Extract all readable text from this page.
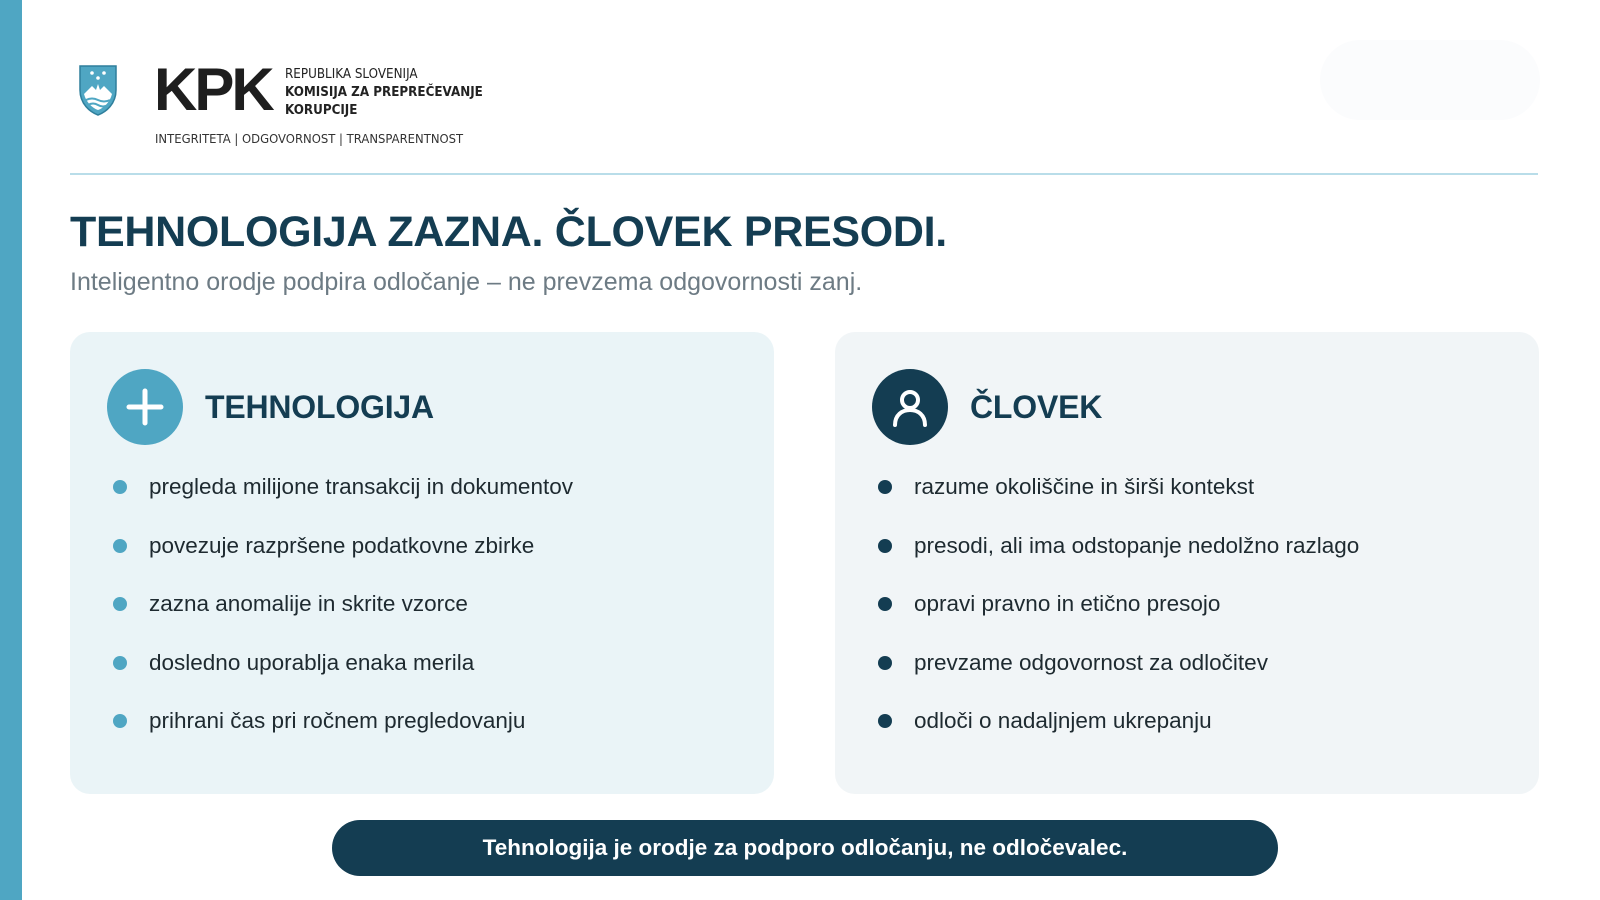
KPK REPUBLIKA SLOVENIJA
KOMISIJA ZA PREPREČEVANJE
KORUPCIJE
INTEGRITETA | ODGOVORNOST | TRANSPARENTNOST
TEHNOLOGIJA ZAZNA. ČLOVEK PRESODI.
Inteligentno orodje podpira odločanje – ne prevzema odgovornosti zanj.
TEHNOLOGIJA
pregleda milijone transakcij in dokumentov
povezuje razpršene podatkovne zbirke
zazna anomalije in skrite vzorce
dosledno uporablja enaka merila
prihrani čas pri ročnem pregledovanju
ČLOVEK
razume okoliščine in širši kontekst
presodi, ali ima odstopanje nedolžno razlago
opravi pravno in etično presojo
prevzame odgovornost za odločitev
odloči o nadaljnjem ukrepanju
Tehnologija je orodje za podporo odločanju, ne odločevalec.
